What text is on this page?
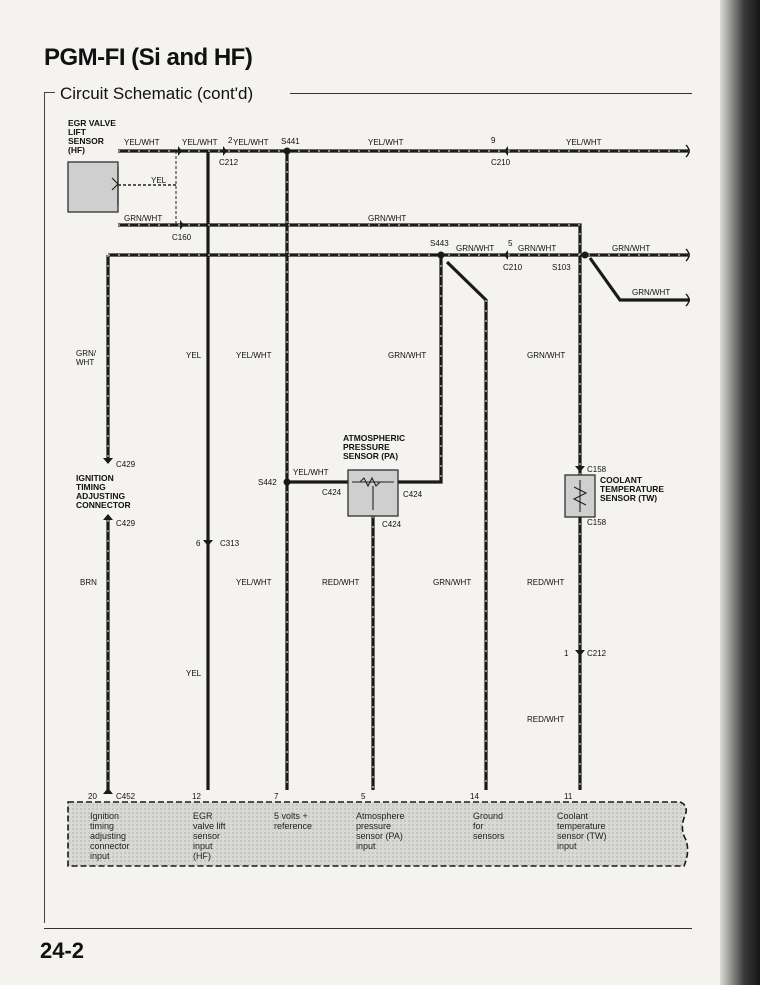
PGM-FI (Si and HF)
Circuit Schematic (cont'd)
24-2
EGR VALVE
LIFT
SENSOR
(HF)
ATMOSPHERIC
PRESSURE
SENSOR (PA)
COOLANT
TEMPERATURE
SENSOR (TW)
IGNITION
TIMING
ADJUSTING
CONNECTOR
YEL/WHT	YEL/WHT YEL/WHT	YEL/WHT	YEL/WHT
YEL
GRN/WHT	GRN/WHT
GRN/WHT	GRN/WHT	GRN/WHT
GRN/WHT
GRN/
WHT
YEL	YEL/WHT	GRN/WHT	GRN/WHT
YEL/WHT
BRN	YEL/WHT	RED/WHT	GRN/WHT	RED/WHT
YEL
RED/WHT
C212	C210
C160
S441
S443
C210	S103
C429
C429
S442
C424	C424
C424
C313
C158
C158
C212
C452
2	9
5
6
1
20	12	7	5	14	11
Ignition
timing
adjusting
connector
input
EGR
valve lift
sensor
input
(HF)
5 volts +
reference
Atmosphere
pressure
sensor (PA)
input
Ground
for
sensors
Coolant
temperature
sensor (TW)
input
